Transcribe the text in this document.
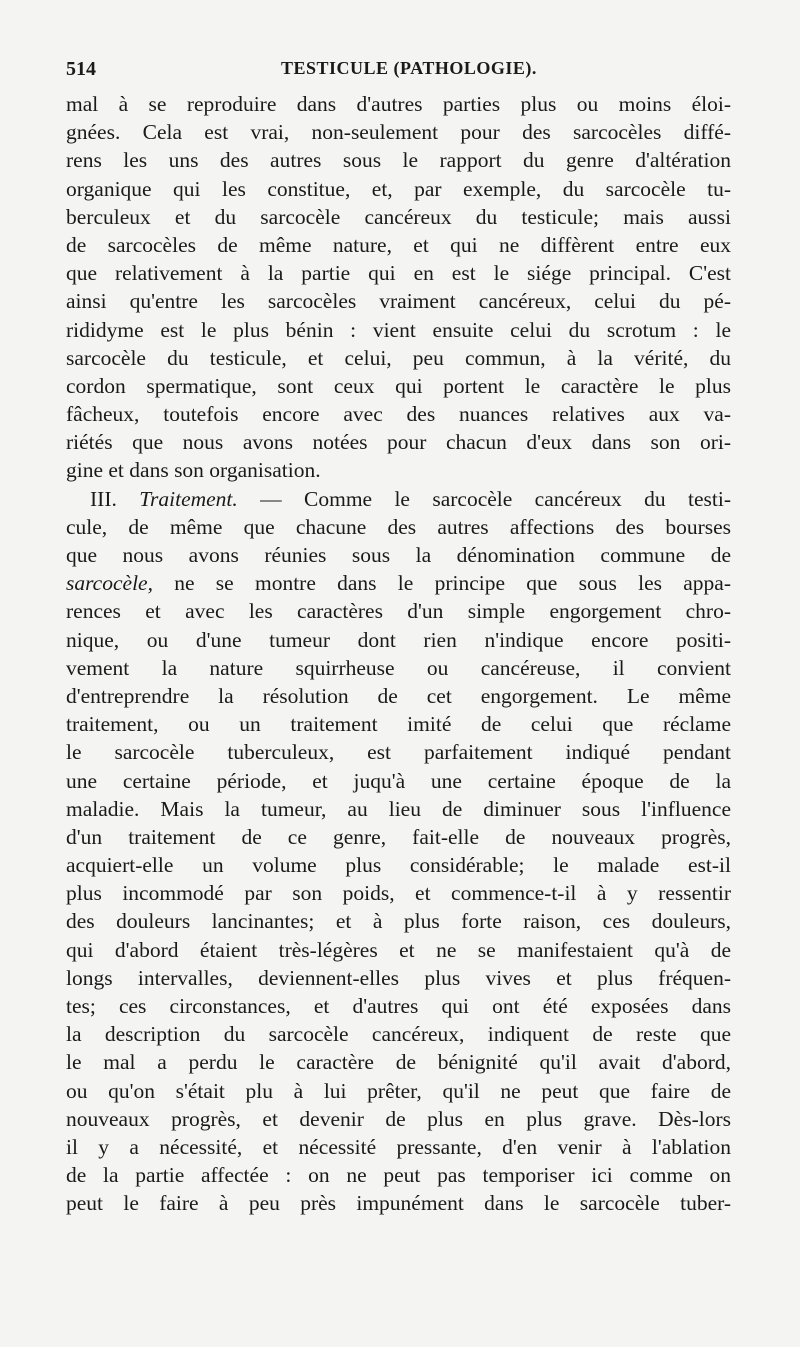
514	TESTICULE (PATHOLOGIE).
mal à se reproduire dans d'autres parties plus ou moins éloi-
gnées. Cela est vrai, non-seulement pour des sarcocèles diffé-
rens les uns des autres sous le rapport du genre d'altération
organique qui les constitue, et, par exemple, du sarcocèle tu-
berculeux et du sarcocèle cancéreux du testicule; mais aussi
de sarcocèles de même nature, et qui ne diffèrent entre eux
que relativement à la partie qui en est le siége principal. C'est
ainsi qu'entre les sarcocèles vraiment cancéreux, celui du pé-
rididyme est le plus bénin : vient ensuite celui du scrotum : le
sarcocèle du testicule, et celui, peu commun, à la vérité, du
cordon spermatique, sont ceux qui portent le caractère le plus
fâcheux, toutefois encore avec des nuances relatives aux va-
riétés que nous avons notées pour chacun d'eux dans son ori-
gine et dans son organisation.
III. Traitement. — Comme le sarcocèle cancéreux du testi-
cule, de même que chacune des autres affections des bourses
que nous avons réunies sous la dénomination commune de
sarcocèle, ne se montre dans le principe que sous les appa-
rences et avec les caractères d'un simple engorgement chro-
nique, ou d'une tumeur dont rien n'indique encore positi-
vement la nature squirrheuse ou cancéreuse, il convient
d'entreprendre la résolution de cet engorgement. Le même
traitement, ou un traitement imité de celui que réclame
le sarcocèle tuberculeux, est parfaitement indiqué pendant
une certaine période, et juqu'à une certaine époque de la
maladie. Mais la tumeur, au lieu de diminuer sous l'influence
d'un traitement de ce genre, fait-elle de nouveaux progrès,
acquiert-elle un volume plus considérable; le malade est-il
plus incommodé par son poids, et commence-t-il à y ressentir
des douleurs lancinantes; et à plus forte raison, ces douleurs,
qui d'abord étaient très-légères et ne se manifestaient qu'à de
longs intervalles, deviennent-elles plus vives et plus fréquen-
tes; ces circonstances, et d'autres qui ont été exposées dans
la description du sarcocèle cancéreux, indiquent de reste que
le mal a perdu le caractère de bénignité qu'il avait d'abord,
ou qu'on s'était plu à lui prêter, qu'il ne peut que faire de
nouveaux progrès, et devenir de plus en plus grave. Dès-lors
il y a nécessité, et nécessité pressante, d'en venir à l'ablation
de la partie affectée : on ne peut pas temporiser ici comme on
peut le faire à peu près impunément dans le sarcocèle tuber-
